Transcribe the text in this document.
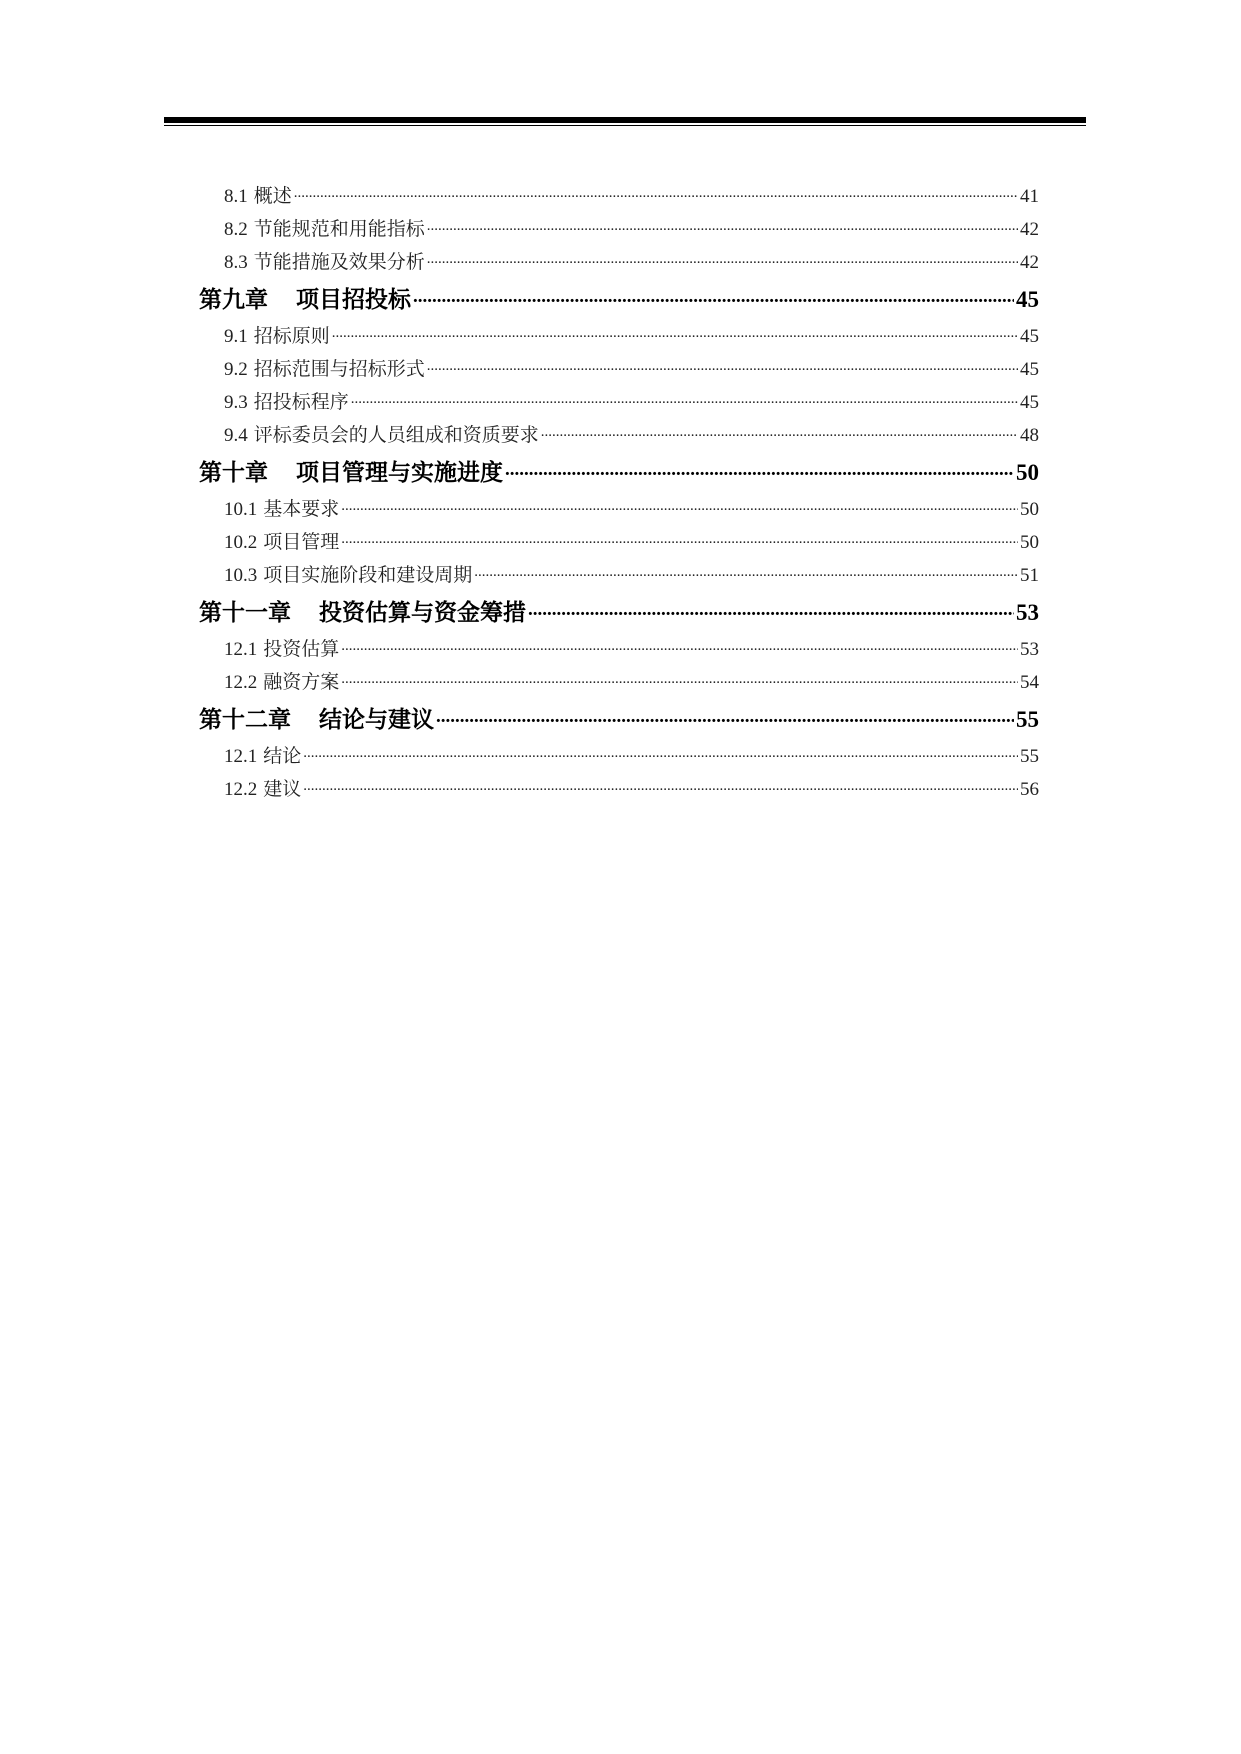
8.1 概述 .....	41
8.2 节能规范和用能指标 .....	42
8.3 节能措施及效果分析 .....	42
第九章 项目招投标 .....	45
9.1 招标原则 .....	45
9.2 招标范围与招标形式 .....	45
9.3 招投标程序 .....	45
9.4 评标委员会的人员组成和资质要求 .....	48
第十章 项目管理与实施进度 .....	50
10.1 基本要求 .....	50
10.2 项目管理 .....	50
10.3 项目实施阶段和建设周期 .....	51
第十一章 投资估算与资金筹措 .....	53
12.1 投资估算 .....	53
12.2 融资方案 .....	54
第十二章 结论与建议 .....	55
12.1 结论 .....	55
12.2 建议 .....	56
